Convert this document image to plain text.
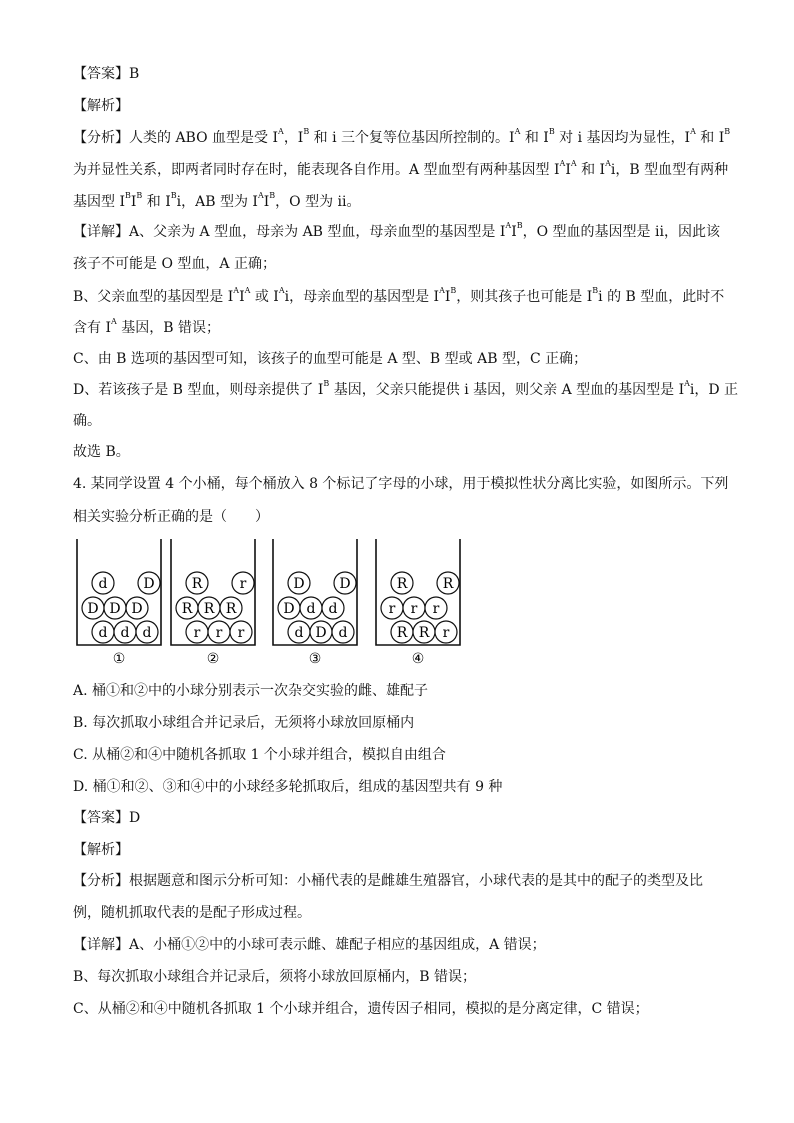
【答案】B
【解析】
【分析】人类的 ABO 血型是受 $I^A$，$I^B$ 和 i 三个复等位基因所控制的。$I^A$ 和 $I^B$ 对 i 基因均为显性，$I^A$ 和 $I^B$
为并显性关系，即两者同时存在时，能表现各自作用。A 型血型有两种基因型 $I^AI^A$ 和 $I^Ai$，B 型血型有两种
基因型 $I^BI^B$ 和 $I^Bi$，AB 型为 $I^AI^B$，O 型为 ii。
【详解】A、父亲为 A 型血，母亲为 AB 型血，母亲血型的基因型是 $I^AI^B$，O 型血的基因型是 ii，因此该
孩子不可能是 O 型血，A 正确；
B、父亲血型的基因型是 $I^AI^A$ 或 $I^Ai$，母亲血型的基因型是 $I^AI^B$，则其孩子也可能是 $I^Bi$ 的 B 型血，此时不
含有 $I^A$ 基因，B 错误；
C、由 B 选项的基因型可知，该孩子的血型可能是 A 型、B 型或 AB 型，C 正确；
D、若该孩子是 B 型血，则母亲提供了 $I^B$ 基因，父亲只能提供 i 基因，则父亲 A 型血的基因型是 $I^Ai$，D 正
确。
故选 B。
4. 某同学设置 4 个小桶，每个桶放入 8 个标记了字母的小球，用于模拟性状分离比实验，如图所示。下列
相关实验分析正确的是（　　）
A. 桶①和②中的小球分别表示一次杂交实验的雌、雄配子
B. 每次抓取小球组合并记录后，无须将小球放回原桶内
C. 从桶②和④中随机各抓取 1 个小球并组合，模拟自由组合
D. 桶①和②、③和④中的小球经多轮抓取后，组成的基因型共有 9 种
【答案】D
【解析】
【分析】根据题意和图示分析可知：小桶代表的是雌雄生殖器官，小球代表的是其中的配子的类型及比
例，随机抓取代表的是配子形成过程。
【详解】A、小桶①②中的小球可表示雌、雄配子相应的基因组成，A 错误；
B、每次抓取小球组合并记录后，须将小球放回原桶内，B 错误；
C、从桶②和④中随机各抓取 1 个小球并组合，遗传因子相同，模拟的是分离定律，C 错误；
d	D
D D D
d d d
①
R	r
R R R
r r r
②
D D
D d d
d D d
③
R	R
r r r
R R r
④
